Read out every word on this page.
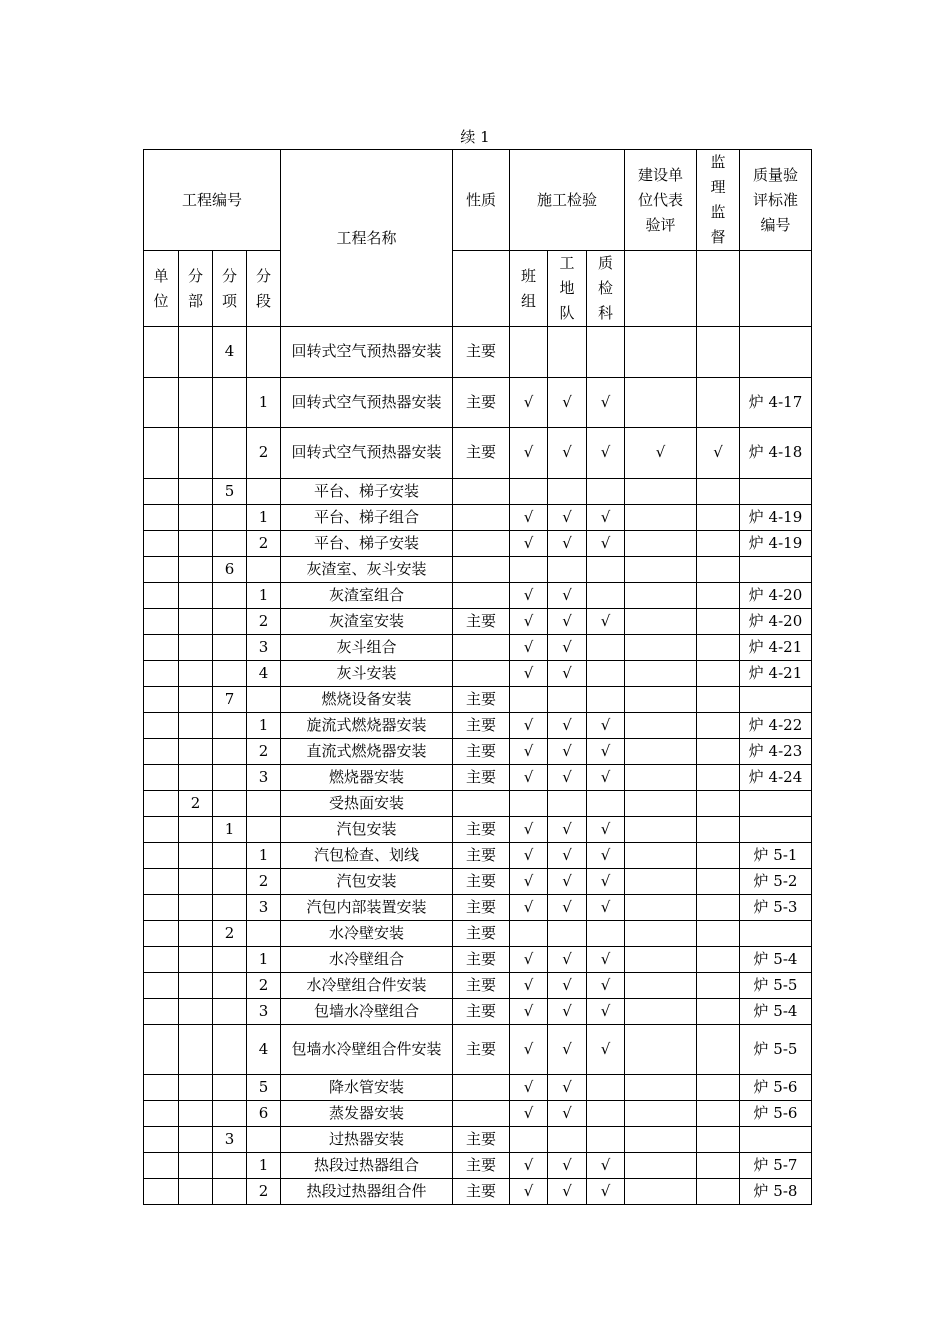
续 1
工程编号				工程名称	性质	施工检验			建设单位代表验评	监理监督	质量验评标准编号
单位	分部	分项	分段			班组	工地队	质检科			
		4		回转式空气预热器安装	主要						
			1	回转式空气预热器安装	主要	√	√	√			炉 4-17
			2	回转式空气预热器安装	主要	√	√	√	√	√	炉 4-18
		5		平台、梯子安装							
			1	平台、梯子组合		√	√	√			炉 4-19
			2	平台、梯子安装		√	√	√			炉 4-19
		6		灰渣室、灰斗安装							
			1	灰渣室组合		√	√				炉 4-20
			2	灰渣室安装	主要	√	√	√			炉 4-20
			3	灰斗组合		√	√				炉 4-21
			4	灰斗安装		√	√				炉 4-21
		7		燃烧设备安装	主要						
			1	旋流式燃烧器安装	主要	√	√	√			炉 4-22
			2	直流式燃烧器安装	主要	√	√	√			炉 4-23
			3	燃烧器安装	主要	√	√	√			炉 4-24
	2			受热面安装							
		1		汽包安装	主要	√	√	√			
			1	汽包检查、划线	主要	√	√	√			炉 5-1
			2	汽包安装	主要	√	√	√			炉 5-2
			3	汽包内部装置安装	主要	√	√	√			炉 5-3
		2		水冷壁安装	主要						
			1	水冷壁组合	主要	√	√	√			炉 5-4
			2	水冷壁组合件安装	主要	√	√	√			炉 5-5
			3	包墙水冷壁组合	主要	√	√	√			炉 5-4
			4	包墙水冷壁组合件安装	主要	√	√	√			炉 5-5
			5	降水管安装		√	√				炉 5-6
			6	蒸发器安装		√	√				炉 5-6
		3		过热器安装	主要						
			1	热段过热器组合	主要	√	√	√			炉 5-7
			2	热段过热器组合件	主要	√	√	√			炉 5-8
